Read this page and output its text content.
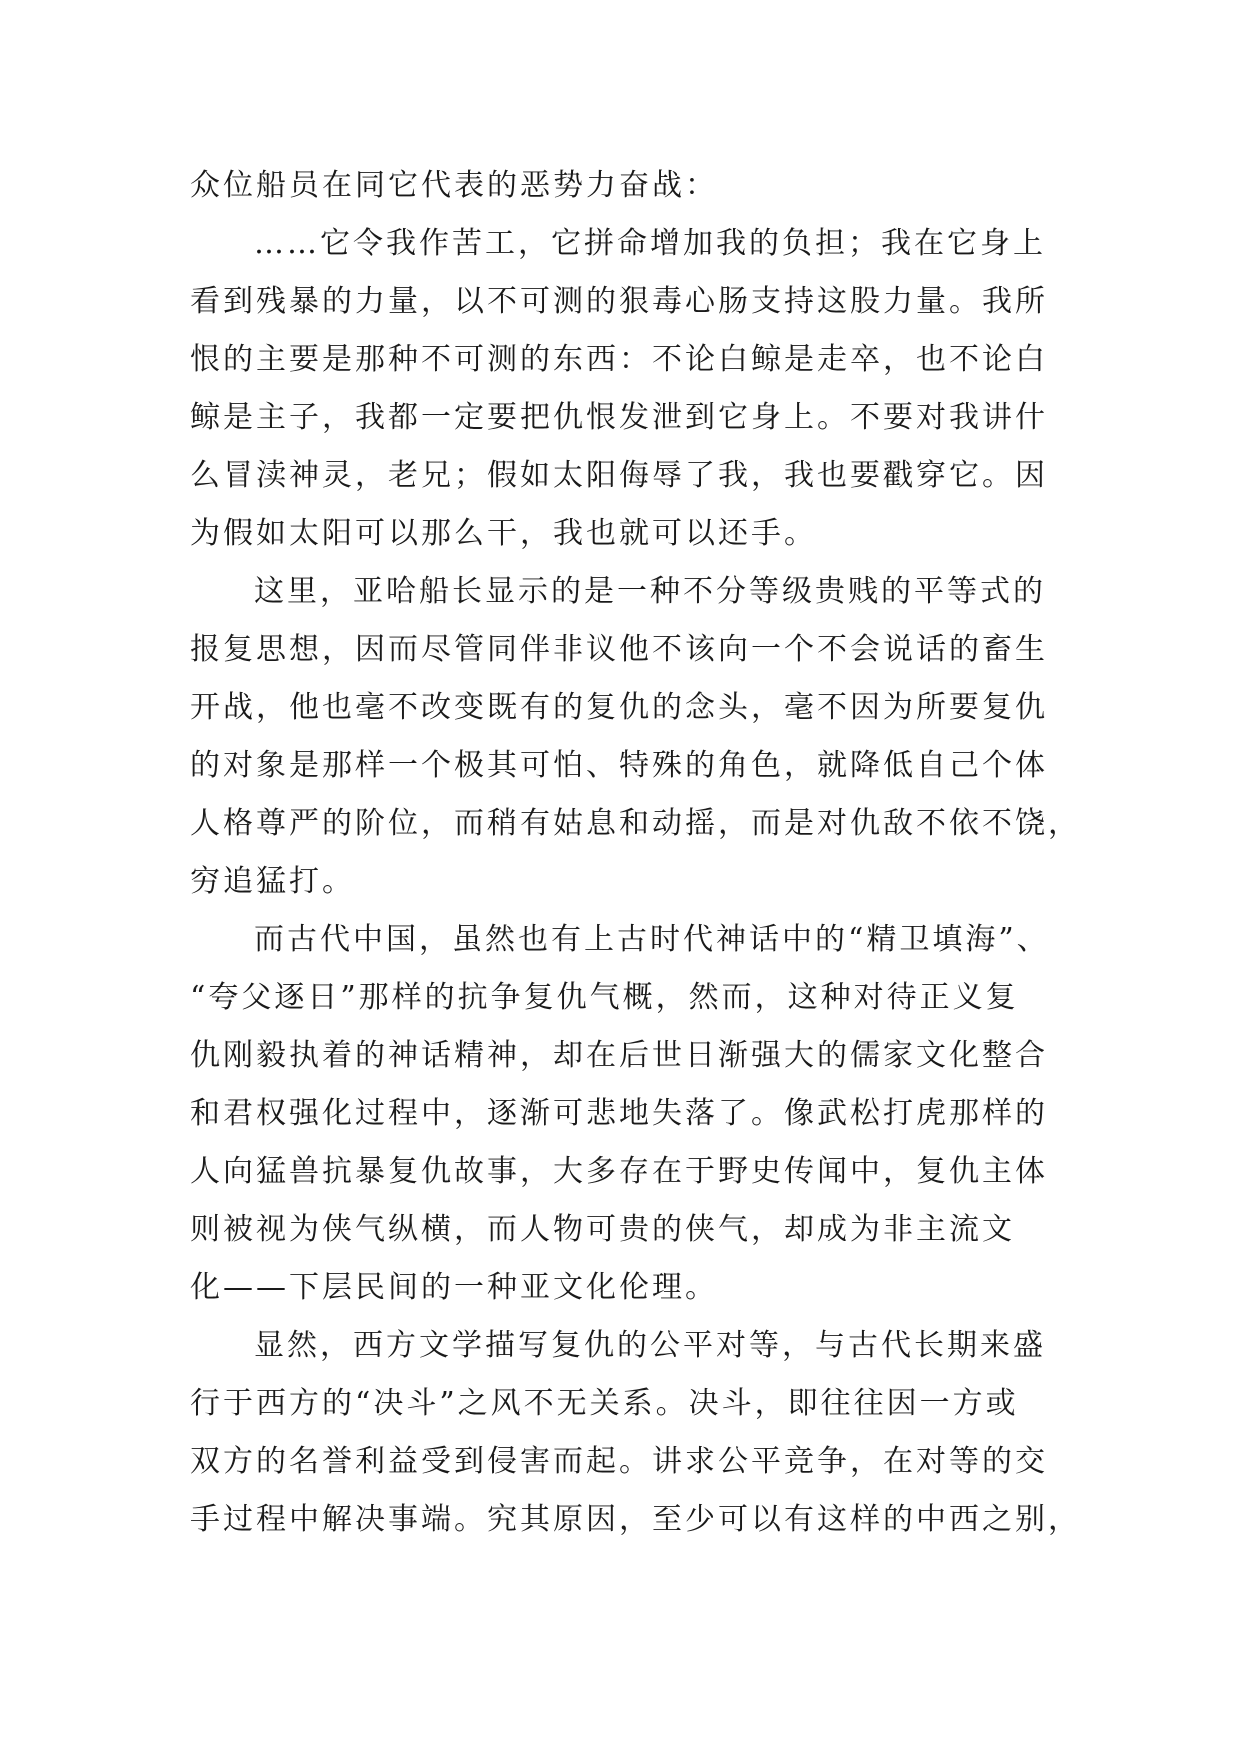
众位船员在同它代表的恶势力奋战：
……它令我作苦工，它拼命增加我的负担；我在它身上
看到残暴的力量，以不可测的狠毒心肠支持这股力量。我所
恨的主要是那种不可测的东西：不论白鲸是走卒，也不论白
鲸是主子，我都一定要把仇恨发泄到它身上。不要对我讲什
么冒渎神灵，老兄；假如太阳侮辱了我，我也要戳穿它。因
为假如太阳可以那么干，我也就可以还手。
这里，亚哈船长显示的是一种不分等级贵贱的平等式的
报复思想，因而尽管同伴非议他不该向一个不会说话的畜生
开战，他也毫不改变既有的复仇的念头，毫不因为所要复仇
的对象是那样一个极其可怕、特殊的角色，就降低自己个体
人格尊严的阶位，而稍有姑息和动摇，而是对仇敌不依不饶，
穷追猛打。
而古代中国，虽然也有上古时代神话中的“精卫填海”、
“夸父逐日”那样的抗争复仇气概，然而，这种对待正义复
仇刚毅执着的神话精神，却在后世日渐强大的儒家文化整合
和君权强化过程中，逐渐可悲地失落了。像武松打虎那样的
人向猛兽抗暴复仇故事，大多存在于野史传闻中，复仇主体
则被视为侠气纵横，而人物可贵的侠气，却成为非主流文
化——下层民间的一种亚文化伦理。
显然，西方文学描写复仇的公平对等，与古代长期来盛
行于西方的“决斗”之风不无关系。决斗，即往往因一方或
双方的名誉利益受到侵害而起。讲求公平竞争，在对等的交
手过程中解决事端。究其原因，至少可以有这样的中西之别，
